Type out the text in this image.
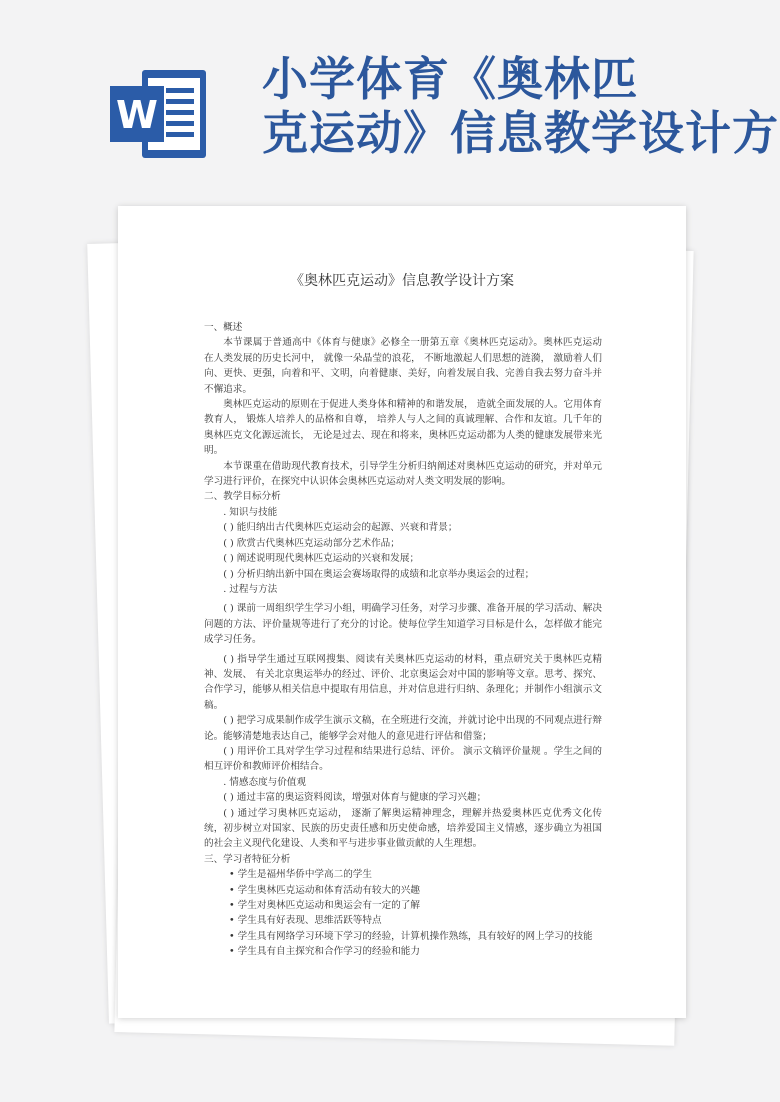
W
小学体育《奥林匹
克运动》信息教学设计方
《奥林匹克运动》信息教学设计方案

一、概述

本节课属于普通高中《体育与健康》必修全一册第五章《奥林匹克运动》。奥林匹克运动在人类发展的历史长河中， 就像一朵晶莹的浪花， 不断地激起人们思想的涟漪， 激励着人们向、更快、更强，向着和平、文明，向着健康、美好，向着发展自我、完善自我去努力奋斗并不懈追求。

奥林匹克运动的原则在于促进人类身体和精神的和谐发展， 造就全面发展的人。它用体育教育人， 锻炼人培养人的品格和自尊， 培养人与人之间的真诚理解、合作和友谊。几千年的奥林匹克文化源远流长， 无论是过去、现在和将来，奥林匹克运动都为人类的健康发展带来光明。

本节课重在借助现代教育技术，引导学生分析归纳阐述对奥林匹克运动的研究，并对单元学习进行评价，在探究中认识体会奥林匹克运动对人类文明发展的影响。

二、教学目标分析

. 知识与技能

( ) 能归纳出古代奥林匹克运动会的起源、兴衰和背景；

( ) 欣赏古代奥林匹克运动部分艺术作品；

( ) 阐述说明现代奥林匹克运动的兴衰和发展；

( ) 分析归纳出新中国在奥运会赛场取得的成绩和北京举办奥运会的过程；

. 过程与方法

( ) 课前一周组织学生学习小组，明确学习任务，对学习步骤、准备开展的学习活动、解决问题的方法、评价量规等进行了充分的讨论。使每位学生知道学习目标是什么，怎样做才能完成学习任务。

( ) 指导学生通过互联网搜集、阅读有关奥林匹克运动的材料，重点研究关于奥林匹克精神、发展、 有关北京奥运举办的经过、评价、北京奥运会对中国的影响等文章。思考、探究、合作学习，能够从相关信息中提取有用信息，并对信息进行归纳、条理化；并制作小组演示文稿。

( ) 把学习成果制作成学生演示文稿，在全班进行交流，并就讨论中出现的不同观点进行辩论。能够清楚地表达自己，能够学会对他人的意见进行评估和借鉴；

( ) 用评价工具对学生学习过程和结果进行总结、评价。 演示文稿评价量规 。学生之间的相互评价和教师评价相结合。

. 情感态度与价值观

( ) 通过丰富的奥运资料阅读，增强对体育与健康的学习兴趣；

( ) 通过学习奥林匹克运动， 逐渐了解奥运精神理念，理解并热爱奥林匹克优秀文化传统，初步树立对国家、民族的历史责任感和历史使命感，培养爱国主义情感，逐步确立为祖国的社会主义现代化建设、人类和平与进步事业做贡献的人生理想。

三、学习者特征分析

• 学生是福州华侨中学高二的学生

• 学生奥林匹克运动和体育活动有较大的兴趣

• 学生对奥林匹克运动和奥运会有一定的了解

• 学生具有好表现、思维活跃等特点

• 学生具有网络学习环境下学习的经验，计算机操作熟练，具有较好的网上学习的技能

• 学生具有自主探究和合作学习的经验和能力
